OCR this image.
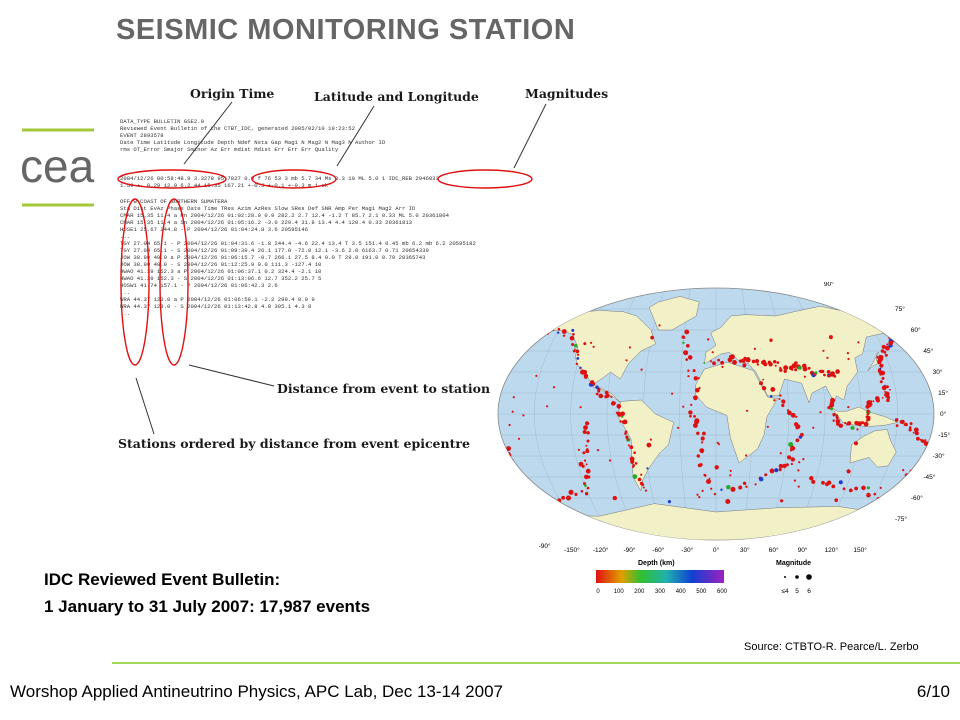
SEISMIC MONITORING STATION
cea
DATA_TYPE BULLETIN GSE2.0
Reviewed Event Bulletin of the CTBT_IDC, generated 2005/02/10 19:23:52
EVENT 2893578
Date Time Latitude Longitude Depth Ndef Nsta Gap Mag1 N Mag2 N Mag3 N Author ID
rms OT_Error Smajor Sminor Az Err mdist Mdist Err Err Err Quality
2004/12/26 00:58:48.9 3.3278 95.7827 0.0 f 76 53 3 mb 5.7 34 Ms 8.3 10 ML 5.0 1 IDC_REB 2946033
1.59 +- 0.29 12.9 6.2 44 15.35 167.21 +-0.3 +-0.1 +-0.3 m i uk
OFF W COAST OF NORTHERN SUMATERA
Sta Dist EvAz Phase Date Time TRes Azim AzRes Slow SRes Def SNR Amp Per Mag1 Mag2 Arr ID
CMAR 15.35 11.4 a Pn 2004/12/26 01:02:28.0 0.9 282.2 2.7 12.4 -1.2 T 85.7 2.1 0.33 ML 5.0 20361804
CMAR 15.35 11.4 a Sn 2004/12/26 01:05:16.2 -3.0 229.4 31.8 13.4 4.4 120.4 0.33 20361813
HOSE1 25.67 244.8 - P 2004/12/26 01:04:24.8 3.6 20595146
...
TGY 27.04 65.1 - P 2004/12/26 01:04:31.6 -1.8 244.4 -4.6 22.4 13.4 T 3.5 151.4 0.45 mb 6.2 mb 6.2 20595182
TGY 27.04 65.1 - S 2004/12/26 01:09:39.4 26.1 177.0 -72.0 12.1 -3.6 2.0 6163.7 0.71 20654339
JOW 38.90 49.9 a P 2004/12/26 01:06:15.7 -0.7 266.1 27.5 8.4 0.0 T 29.0 191.0 0.79 20365743
JOW 38.90 49.9 - S 2004/12/26 01:12:25.9 9.0 111.3 -127.4 10
HWAO 41.39 152.3 a P 2004/12/26 01:06:37.1 0.2 324.4 -2.1 10
HWAO 41.39 152.3 - S 2004/12/26 01:13:06.6 12.7 352.2 25.7 5
HOSW1 41.74 157.1 - P 2004/12/26 01:06:42.3 2.6
...
WRA 44.37 123.0 a P 2004/12/26 01:06:59.1 -2.2 299.4 0.0 9
WRA 44.37 123.0 - S 2004/12/26 01:13:42.8 4.8 305.1 4.3 8
...
Origin Time	Latitude and Longitude	Magnitudes
Distance from event to station
Stations ordered by distance from event epicentre
-150° -120° -90°	-60°	-30°	0°	30°	60°	90°	120° 150°
75°
60°
45°
30°
15°
0°
-15°
-30°
-45°
-60°
-75°
-90°
90°
Depth (km)
0 100 200 300 400 500 600
Magnitude
≤4 5 6
IDC Reviewed Event Bulletin:
1 January to 31 July 2007: 17,987 events
Source: CTBTO-R. Pearce/L. Zerbo
Worshop Applied Antineutrino Physics, APC Lab, Dec 13-14 2007	6/10
